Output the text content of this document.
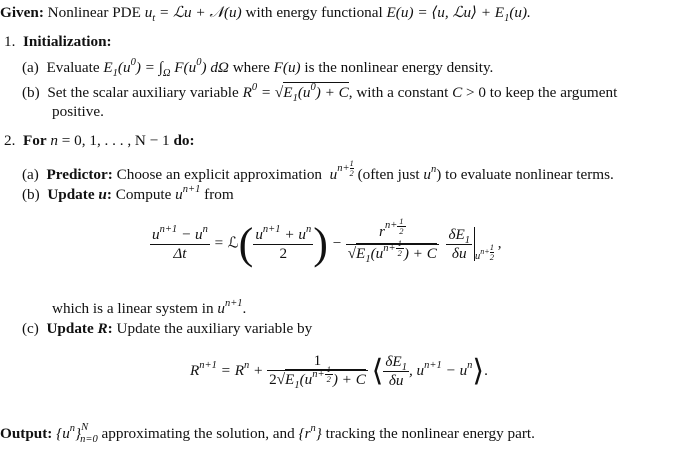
Given: Nonlinear PDE $u_t$ = ℒu + 𝒩(u) with energy functional E(u) = ⟨u, ℒu⟩ + $E_1(u)$.
1. Initialization:
(a) Evaluate $E_1(u^0) = \int_\Omega$ $F(u^0)$ dΩ where F(u) is the nonlinear energy density.
(b) Set the scalar auxiliary variable $R^0 = √E_1(u^0) + C$, with a constant C > 0 to keep the argument
positive.
2. For n = 0, 1, . . . , N − 1 do:
(a) Predictor: Choose an explicit approximation $u^{n+ \frac{1}{2}}$ (often just $u^n$) to evaluate nonlinear terms.
(b) Update u: Compute $u^{n+1}$ from
$\frac{u^{n+1} - u^n}{\Delta t}$ = ℒ( $\frac{u^{n+1} + u^n}{2}$ ) − $r^{n+ \frac{1}{2}}$
$√E_1(u^{n+ \frac{1}{2}}$ ) + C
$\frac{\delta E_1}{\delta u} _{u^{n+ \frac{1}{2}}}$
,
which is a linear system in $u^{n+1}$.
(c) Update R: Update the auxiliary variable by
$R^{n+1} = R^n + 1$
$2√E_1(u^{n+ \frac{1}{2}}$ ) + C ⟨ $\frac{\delta E_1}{\delta u}$ , $u^{n+1}$ − $u^n⟩$.
Output: $\{u^n\}^N_{n=0}$ approximating the solution, and $\{r^n\}$ tracking the nonlinear energy part.
